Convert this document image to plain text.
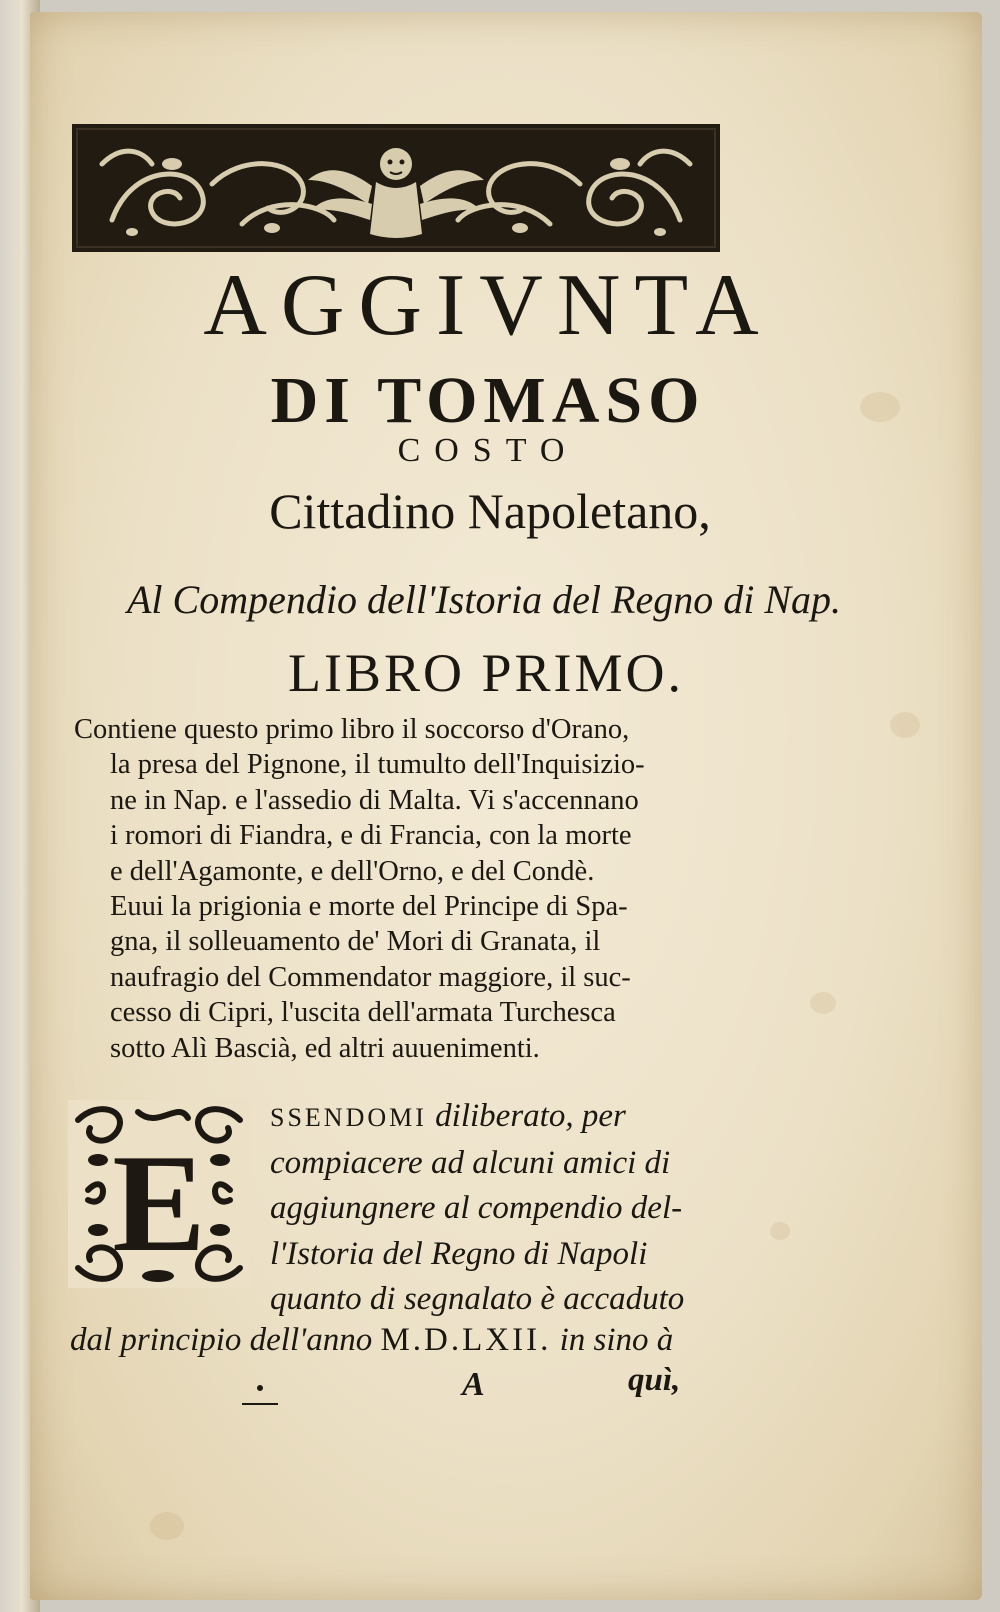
AGGIVNTA
DI TOMASO
COSTO
Cittadino Napoletano,
Al Compendio dell'Istoria del Regno di Nap.
LIBRO PRIMO.
Contiene questo primo libro il soccorso d'Orano,
la presa del Pignone, il tumulto dell'Inquisizio-
ne in Nap. e l'assedio di Malta. Vi s'accennano
i romori di Fiandra, e di Francia, con la morte
e dell'Agamonte, e dell'Orno, e del Condè.
Euui la prigionia e morte del Principe di Spa-
gna, il solleuamento de' Mori di Granata, il
naufragio del Commendator maggiore, il suc-
cesso di Cipri, l'uscita dell'armata Turchesca
sotto Alì Bascià, ed altri auuenimenti.
E
SSENDOMI diliberato, per
compiacere ad alcuni amici di
aggiungnere al compendio del-
l'Istoria del Regno di Napoli
quanto di segnalato è accaduto
dal principio dell'anno M.D.LXII. in sino à
A	quì,
